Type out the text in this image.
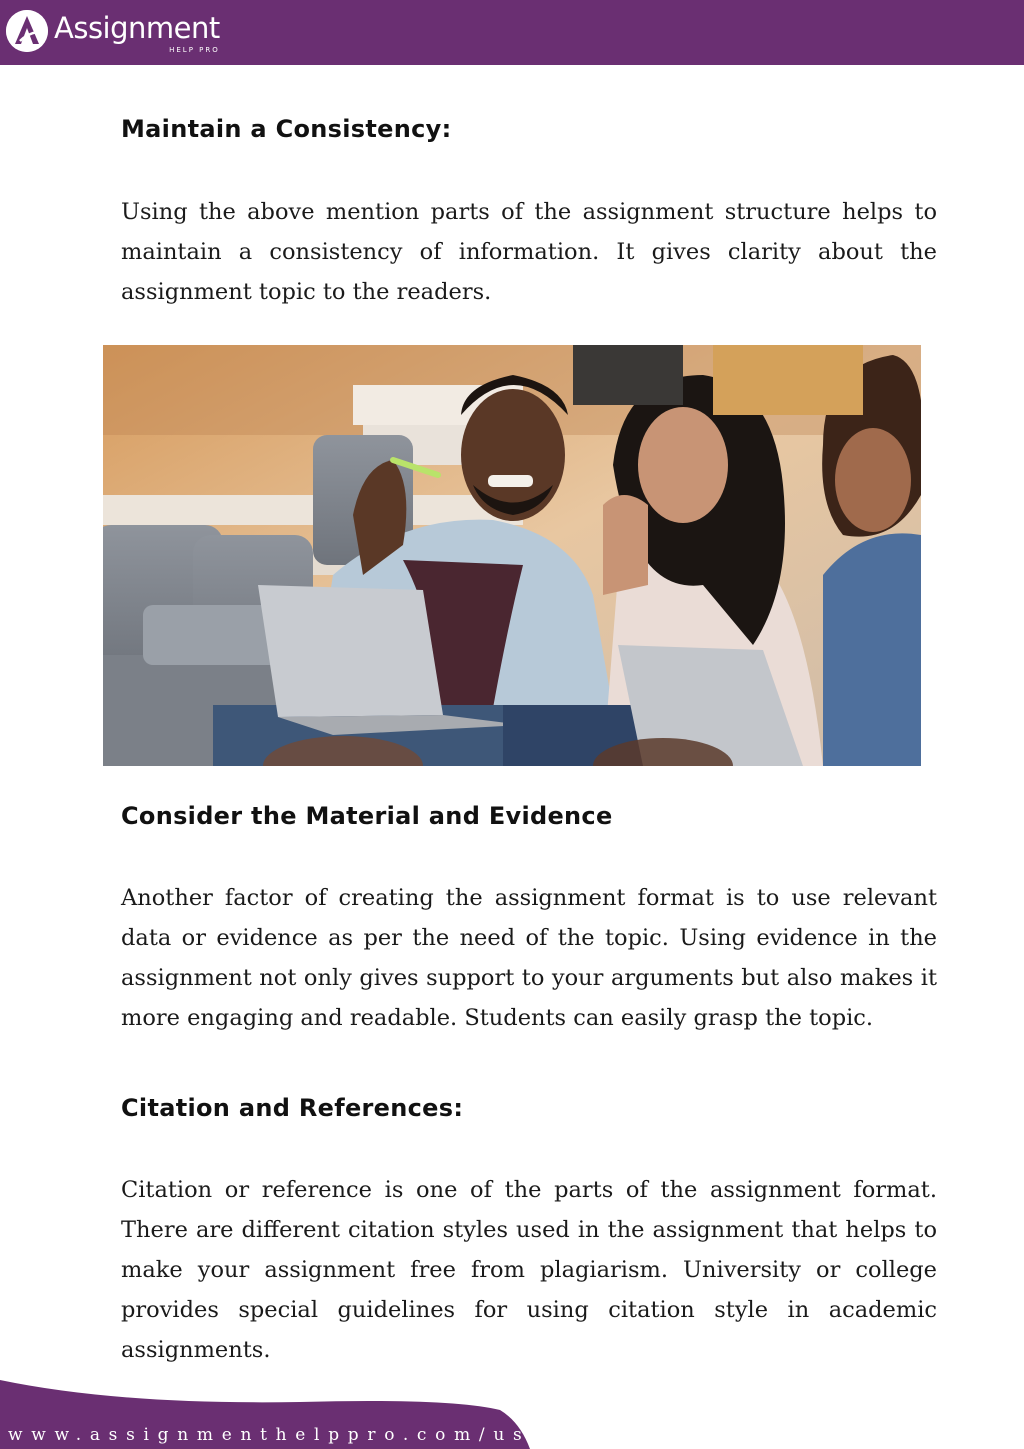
Assignment
HELP PRO
Maintain a Consistency:

Using the above mention parts of the assignment structure helps to maintain a consistency of information. It gives clarity about the assignment topic to the readers.

Consider the Material and Evidence

Another factor of creating the assignment format is to use relevant data or evidence as per the need of the topic. Using evidence in the assignment not only gives support to your arguments but also makes it more engaging and readable. Students can easily grasp the topic.

Citation and References:

Citation or reference is one of the parts of the assignment format. There are different citation styles used in the assignment that helps to make your assignment free from plagiarism. University or college provides special guidelines for using citation style in academic assignments.

www.assignmenthelppro.com/us/
